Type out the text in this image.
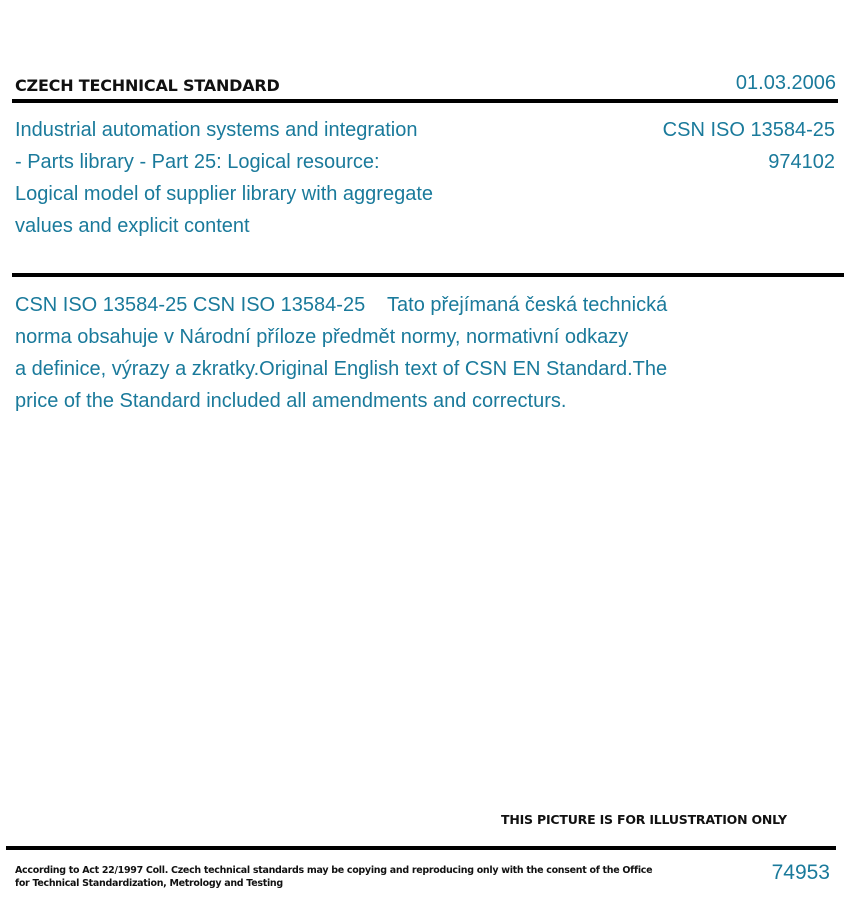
CZECH TECHNICAL STANDARD	01.03.2006
Industrial automation systems and integration
- Parts library - Part 25: Logical resource:
Logical model of supplier library with aggregate
values and explicit content
CSN ISO 13584-25
974102
CSN ISO 13584-25 CSN ISO 13584-25    Tato přejímaná česká technická
norma obsahuje v Národní příloze předmět normy, normativní odkazy
a definice, výrazy a zkratky.Original English text of CSN EN Standard.The
price of the Standard included all amendments and correcturs.
THIS PICTURE IS FOR ILLUSTRATION ONLY
According to Act 22/1997 Coll. Czech technical standards may be copying and reproducing only with the consent of the Office
for Technical Standardization, Metrology and Testing	74953
